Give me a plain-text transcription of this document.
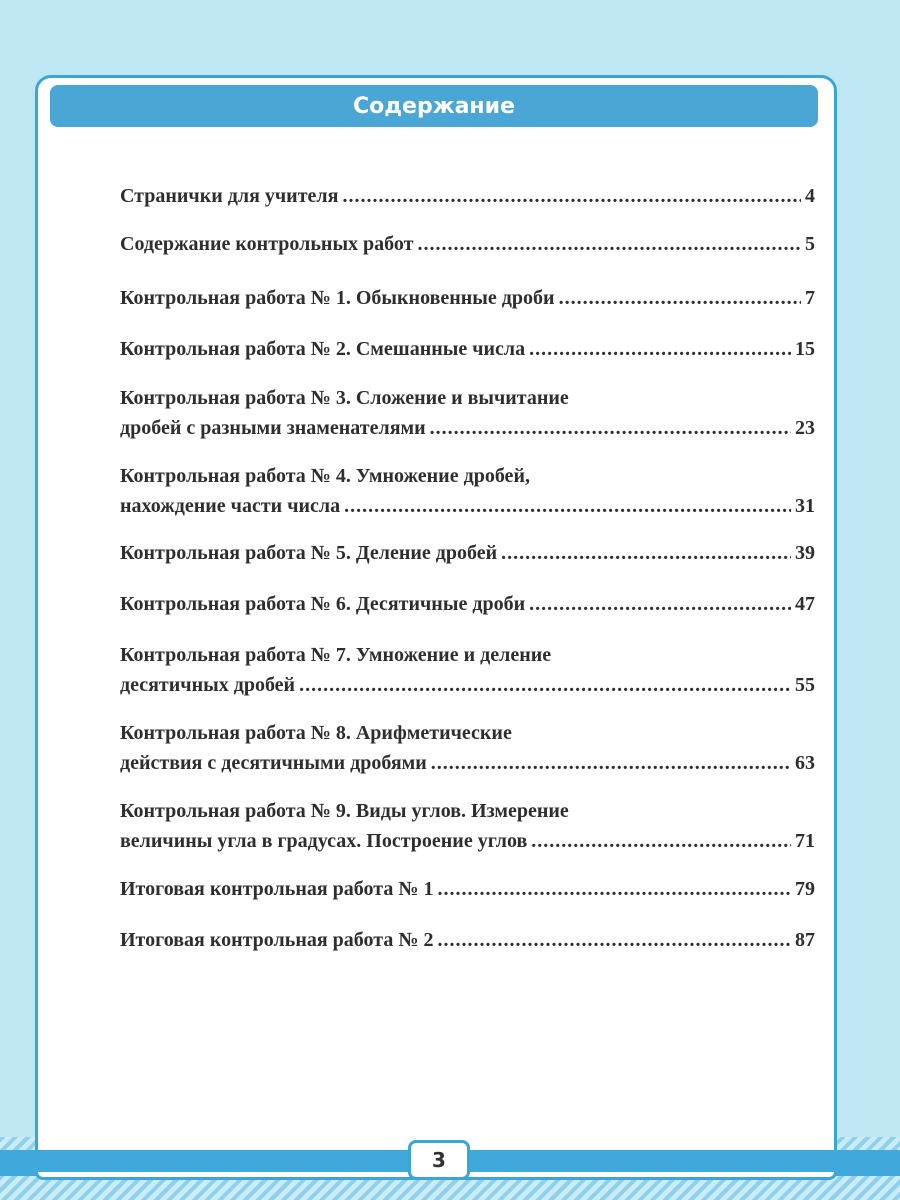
Содержание
Странички для учителя .....	4
Содержание контрольных работ .....	5
Контрольная работа № 1. Обыкновенные дроби .....	7
Контрольная работа № 2. Смешанные числа .....	15
Контрольная работа № 3. Сложение и вычитание
дробей с разными знаменателями .....	23
Контрольная работа № 4. Умножение дробей,
нахождение части числа .....	31
Контрольная работа № 5. Деление дробей .....	39
Контрольная работа № 6. Десятичные дроби .....	47
Контрольная работа № 7. Умножение и деление
десятичных дробей .....	55
Контрольная работа № 8. Арифметические
действия с десятичными дробями .....	63
Контрольная работа № 9. Виды углов. Измерение
величины угла в градусах. Построение углов .....	71
Итоговая контрольная работа № 1 .....	79
Итоговая контрольная работа № 2 .....	87
3
